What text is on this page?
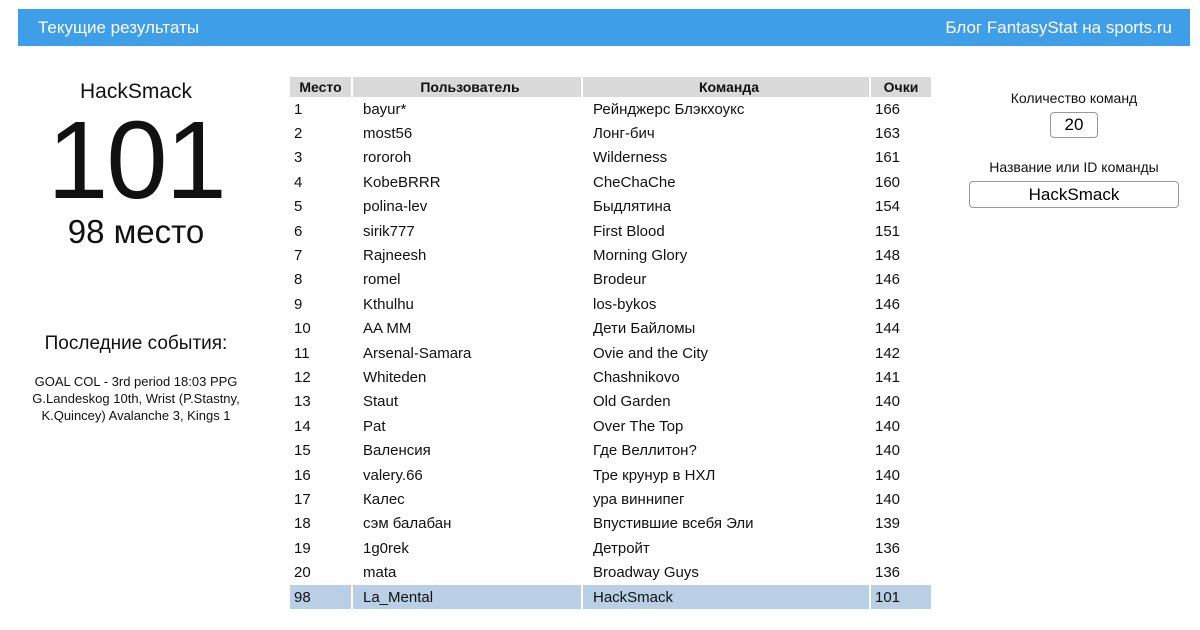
Текущие результаты	Блог FantasyStat на sports.ru
HackSmack
101
98 место
Последние события:
GOAL COL - 3rd period 18:03 PPG G.Landeskog 10th, Wrist (P.Stastny, K.Quincey) Avalanche 3, Kings 1
Место	Пользователь	Команда	Очки
1	bayur*	Рейнджерс Блэкхоукс	166
2	most56	Лонг-бич	163
3	rororoh	Wilderness	161
4	KobeBRRR	CheChaChe	160
5	polina-lev	Быдлятина	154
6	sirik777	First Blood	151
7	Rajneesh	Morning Glory	148
8	romel	Brodeur	146
9	Kthulhu	los-bykos	146
10	AA MM	Дети Байломы	144
11	Arsenal-Samara	Ovie and the City	142
12	Whiteden	Chashnikovo	141
13	Staut	Old Garden	140
14	Pat	Over The Top	140
15	Валенсия	Где Веллитон?	140
16	valery.66	Тре крунур в НХЛ	140
17	Калес	ура виннипег	140
18	сэм балабан	Впустившие всебя Эли	139
19	1g0rek	Детройт	136
20	mata	Broadway Guys	136
98	La_Mental	HackSmack	101
Количество команд
20
Название или ID команды
HackSmack
